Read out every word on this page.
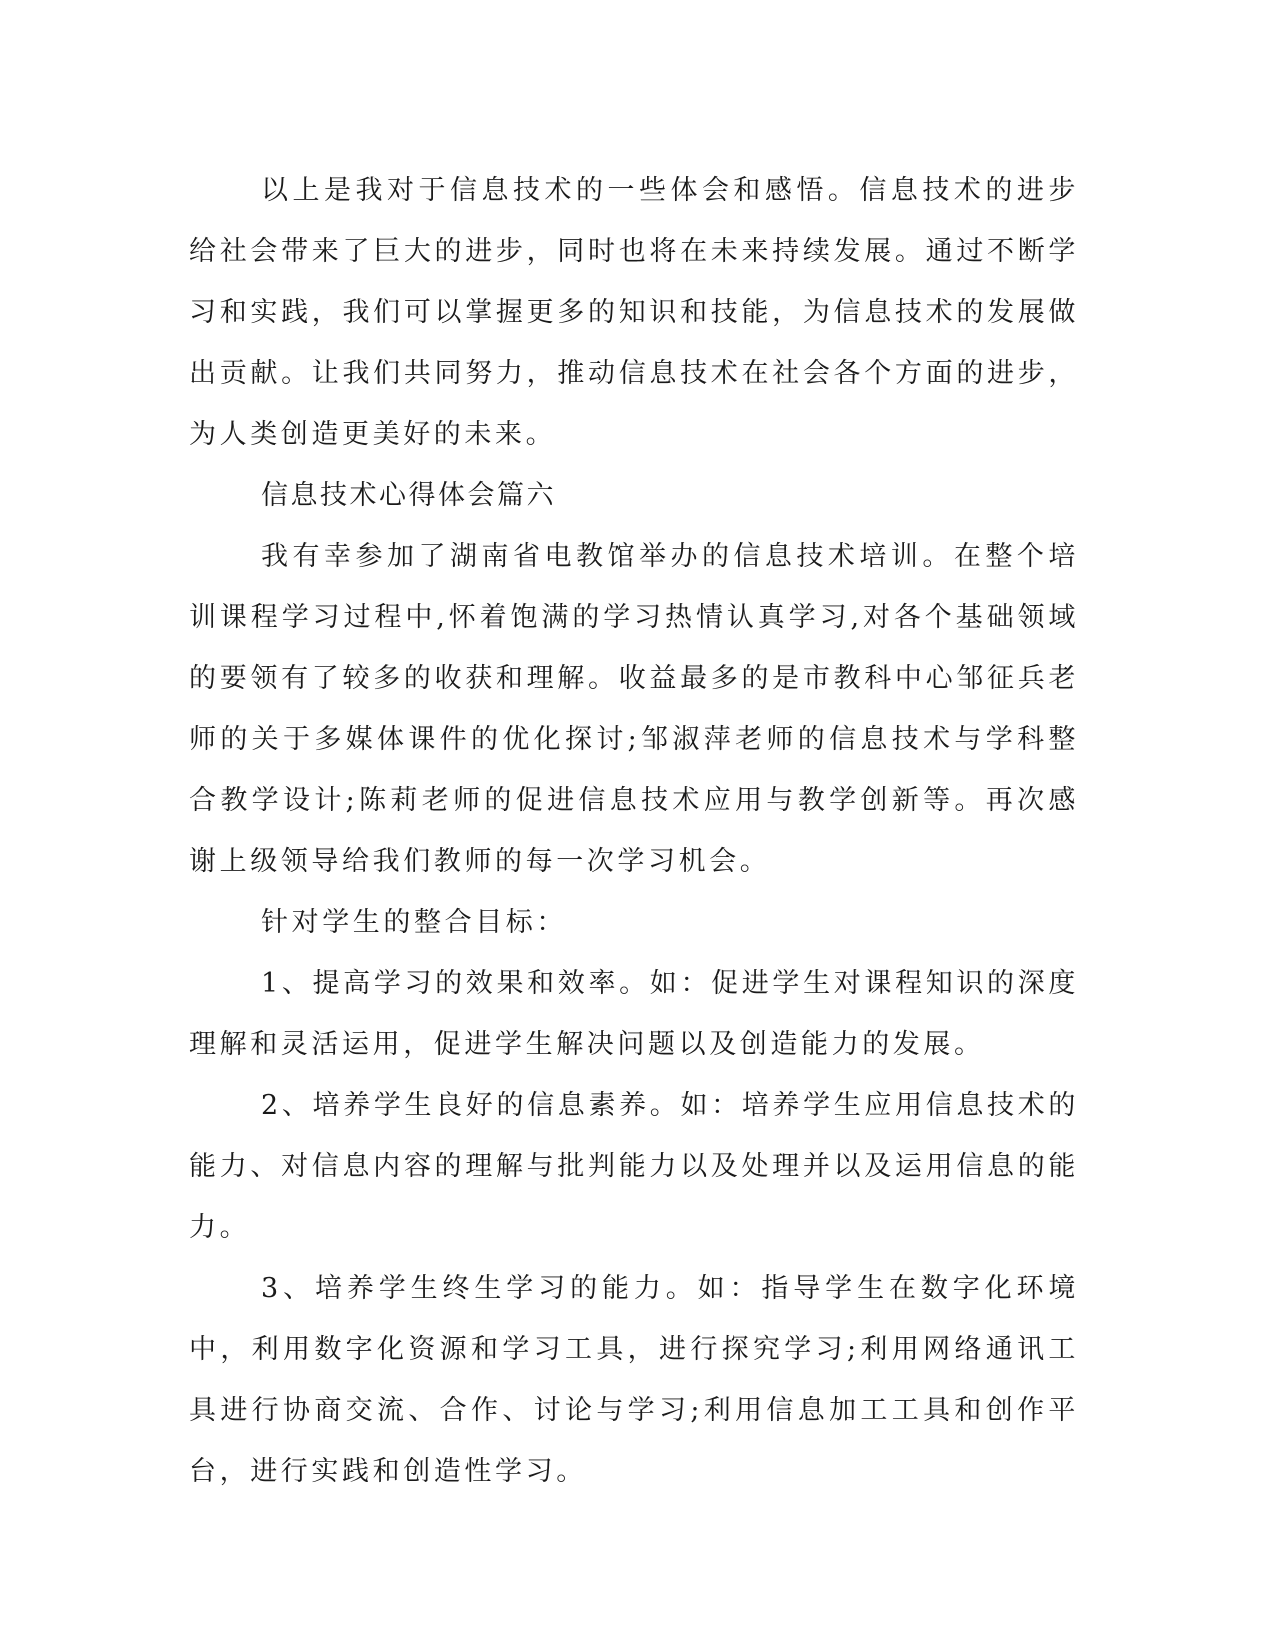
以上是我对于信息技术的一些体会和感悟。信息技术的进步给社会带来了巨大的进步，同时也将在未来持续发展。通过不断学习和实践，我们可以掌握更多的知识和技能，为信息技术的发展做出贡献。让我们共同努力，推动信息技术在社会各个方面的进步，为人类创造更美好的未来。

信息技术心得体会篇六

我有幸参加了湖南省电教馆举办的信息技术培训。在整个培训课程学习过程中,怀着饱满的学习热情认真学习,对各个基础领域的要领有了较多的收获和理解。收益最多的是市教科中心邹征兵老师的关于多媒体课件的优化探讨;邹淑萍老师的信息技术与学科整合教学设计;陈莉老师的促进信息技术应用与教学创新等。再次感谢上级领导给我们教师的每一次学习机会。

针对学生的整合目标：

1、提高学习的效果和效率。如：促进学生对课程知识的深度理解和灵活运用，促进学生解决问题以及创造能力的发展。

2、培养学生良好的信息素养。如：培养学生应用信息技术的能力、对信息内容的理解与批判能力以及处理并以及运用信息的能力。

3、培养学生终生学习的能力。如：指导学生在数字化环境中，利用数字化资源和学习工具，进行探究学习;利用网络通讯工具进行协商交流、合作、讨论与学习;利用信息加工工具和创作平台，进行实践和创造性学习。
